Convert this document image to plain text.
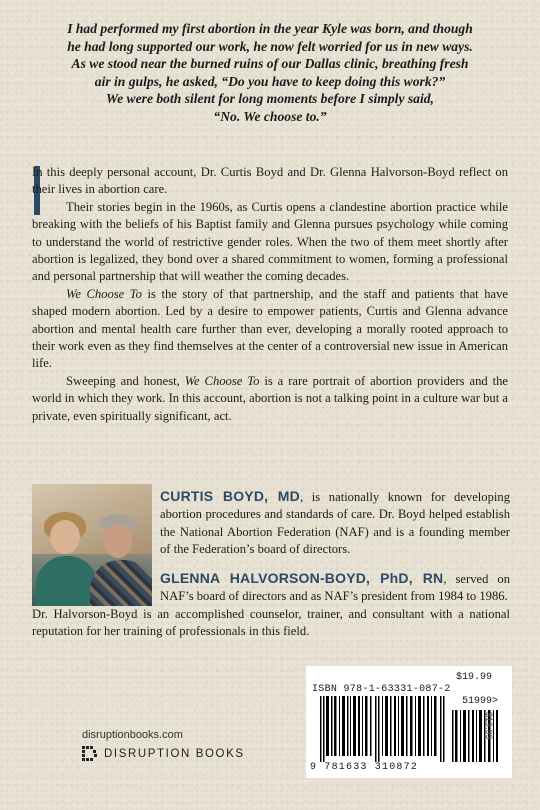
I had performed my first abortion in the year Kyle was born, and though

he had long supported our work, he now felt worried for us in new ways.

As we stood near the burned ruins of our Dallas clinic, breathing fresh

air in gulps, he asked, “Do you have to keep doing this work?”

We were both silent for long moments before I simply said,

“No. We choose to.”

In this deeply personal account, Dr. Curtis Boyd and Dr. Glenna Halvorson-Boyd reflect on their lives in abortion care.

Their stories begin in the 1960s, as Curtis opens a clandestine abortion practice while breaking with the beliefs of his Baptist family and Glenna pursues psychology while coming to understand the world of restrictive gender roles. When the two of them meet shortly after abortion is legalized, they bond over a shared commitment to women, forming a professional and personal partnership that will weather the coming decades.

We Choose To is the story of that partnership, and the staff and patients that have shaped modern abortion. Led by a desire to empower patients, Curtis and Glenna advance abortion and mental health care further than ever, developing a morally rooted approach to their work even as they find themselves at the center of a controversial new issue in American life.

Sweeping and honest, We Choose To is a rare portrait of abortion providers and the world in which they work. In this account, abortion is not a talking point in a culture war but a private, even spiritually significant, act.

CURTIS BOYD, MD, is nationally known for developing abortion procedures and standards of care. Dr. Boyd helped establish the National Abortion Federation (NAF) and is a founding member of the Federation’s board of directors.
GLENNA HALVORSON-BOYD, PhD, RN, served on NAF’s board of directors and as NAF’s president from 1984 to 1986.
Dr. Halvorson-Boyd is an accomplished counselor, trainer, and consultant with a national reputation for her training of professionals in this field.
$19.99
ISBN 978-1-63331-087-2
51999>
9 781633 310872
$19.99
disruptionbooks.com
DISRUPTION BOOKS
